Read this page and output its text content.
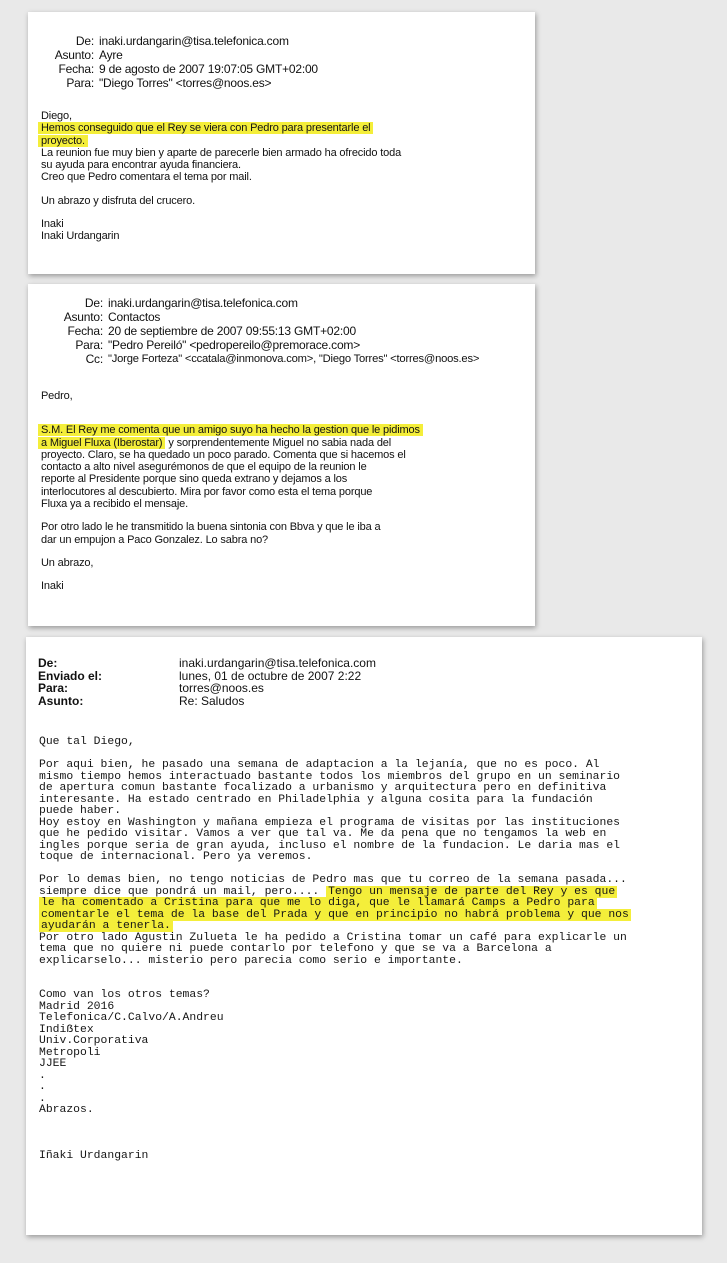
De: inaki.urdangarin@tisa.telefonica.com
Asunto: Ayre
Fecha: 9 de agosto de 2007 19:07:05 GMT+02:00
Para: "Diego Torres" <torres@noos.es>

Diego,

Hemos conseguido que el Rey se viera con Pedro para presentarle el

proyecto.

La reunion fue muy bien y aparte de parecerle bien armado ha ofrecido toda

su ayuda para encontrar ayuda financiera.

Creo que Pedro comentara el tema por mail.

Un abrazo y disfruta del crucero.

Inaki

Inaki Urdangarin

De: inaki.urdangarin@tisa.telefonica.com
Asunto: Contactos
Fecha: 20 de septiembre de 2007 09:55:13 GMT+02:00
Para: "Pedro Pereiló" <pedropereilo@premorace.com>
Cc: "Jorge Forteza" <ccatala@inmonova.com>, "Diego Torres" <torres@noos.es>

Pedro,

S.M. El Rey me comenta que un amigo suyo ha hecho la gestion que le pidimos

a Miguel Fluxa (Iberostar) y sorprendentemente Miguel no sabia nada del

proyecto. Claro, se ha quedado un poco parado. Comenta que si hacemos el

contacto a alto nivel asegurémonos de que el equipo de la reunion le

reporte al Presidente porque sino queda extrano y dejamos a los

interlocutores al descubierto. Mira por favor como esta el tema porque

Fluxa ya a recibido el mensaje.

Por otro lado le he transmitido la buena sintonia con Bbva y que le iba a

dar un empujon a Paco Gonzalez. Lo sabra no?

Un abrazo,

Inaki

De:	inaki.urdangarin@tisa.telefonica.com
Enviado el:	lunes, 01 de octubre de 2007 2:22
Para:	torres@noos.es
Asunto:	Re: Saludos

Que tal Diego,

Por aqui bien, he pasado una semana de adaptacion a la lejanía, que no es poco. Al

mismo tiempo hemos interactuado bastante todos los miembros del grupo en un seminario

de apertura comun bastante focalizado a urbanismo y arquitectura pero en definitiva

interesante. Ha estado centrado en Philadelphia y alguna cosita para la fundación

puede haber.

Hoy estoy en Washington y mañana empieza el programa de visitas por las instituciones

que he pedido visitar. Vamos a ver que tal va. Me da pena que no tengamos la web en

ingles porque seria de gran ayuda, incluso el nombre de la fundacion. Le daria mas el

toque de internacional. Pero ya veremos.

Por lo demas bien, no tengo noticias de Pedro mas que tu correo de la semana pasada...

siempre dice que pondrá un mail, pero.... Tengo un mensaje de parte del Rey y es que

le ha comentado a Cristina para que me lo diga, que le llamará Camps a Pedro para

comentarle el tema de la base del Prada y que en principio no habrá problema y que nos

ayudarán a tenerla.

Por otro lado Agustin Zulueta le ha pedido a Cristina tomar un café para explicarle un

tema que no quiere ni puede contarlo por telefono y que se va a Barcelona a

explicarselo... misterio pero parecia como serio e importante.

Como van los otros temas?

Madrid 2016

Telefonica/C.Calvo/A.Andreu

Indiẞtex

Univ.Corporativa

Metropoli

JJEE

.

.

.

Abrazos.

Iñaki Urdangarin
